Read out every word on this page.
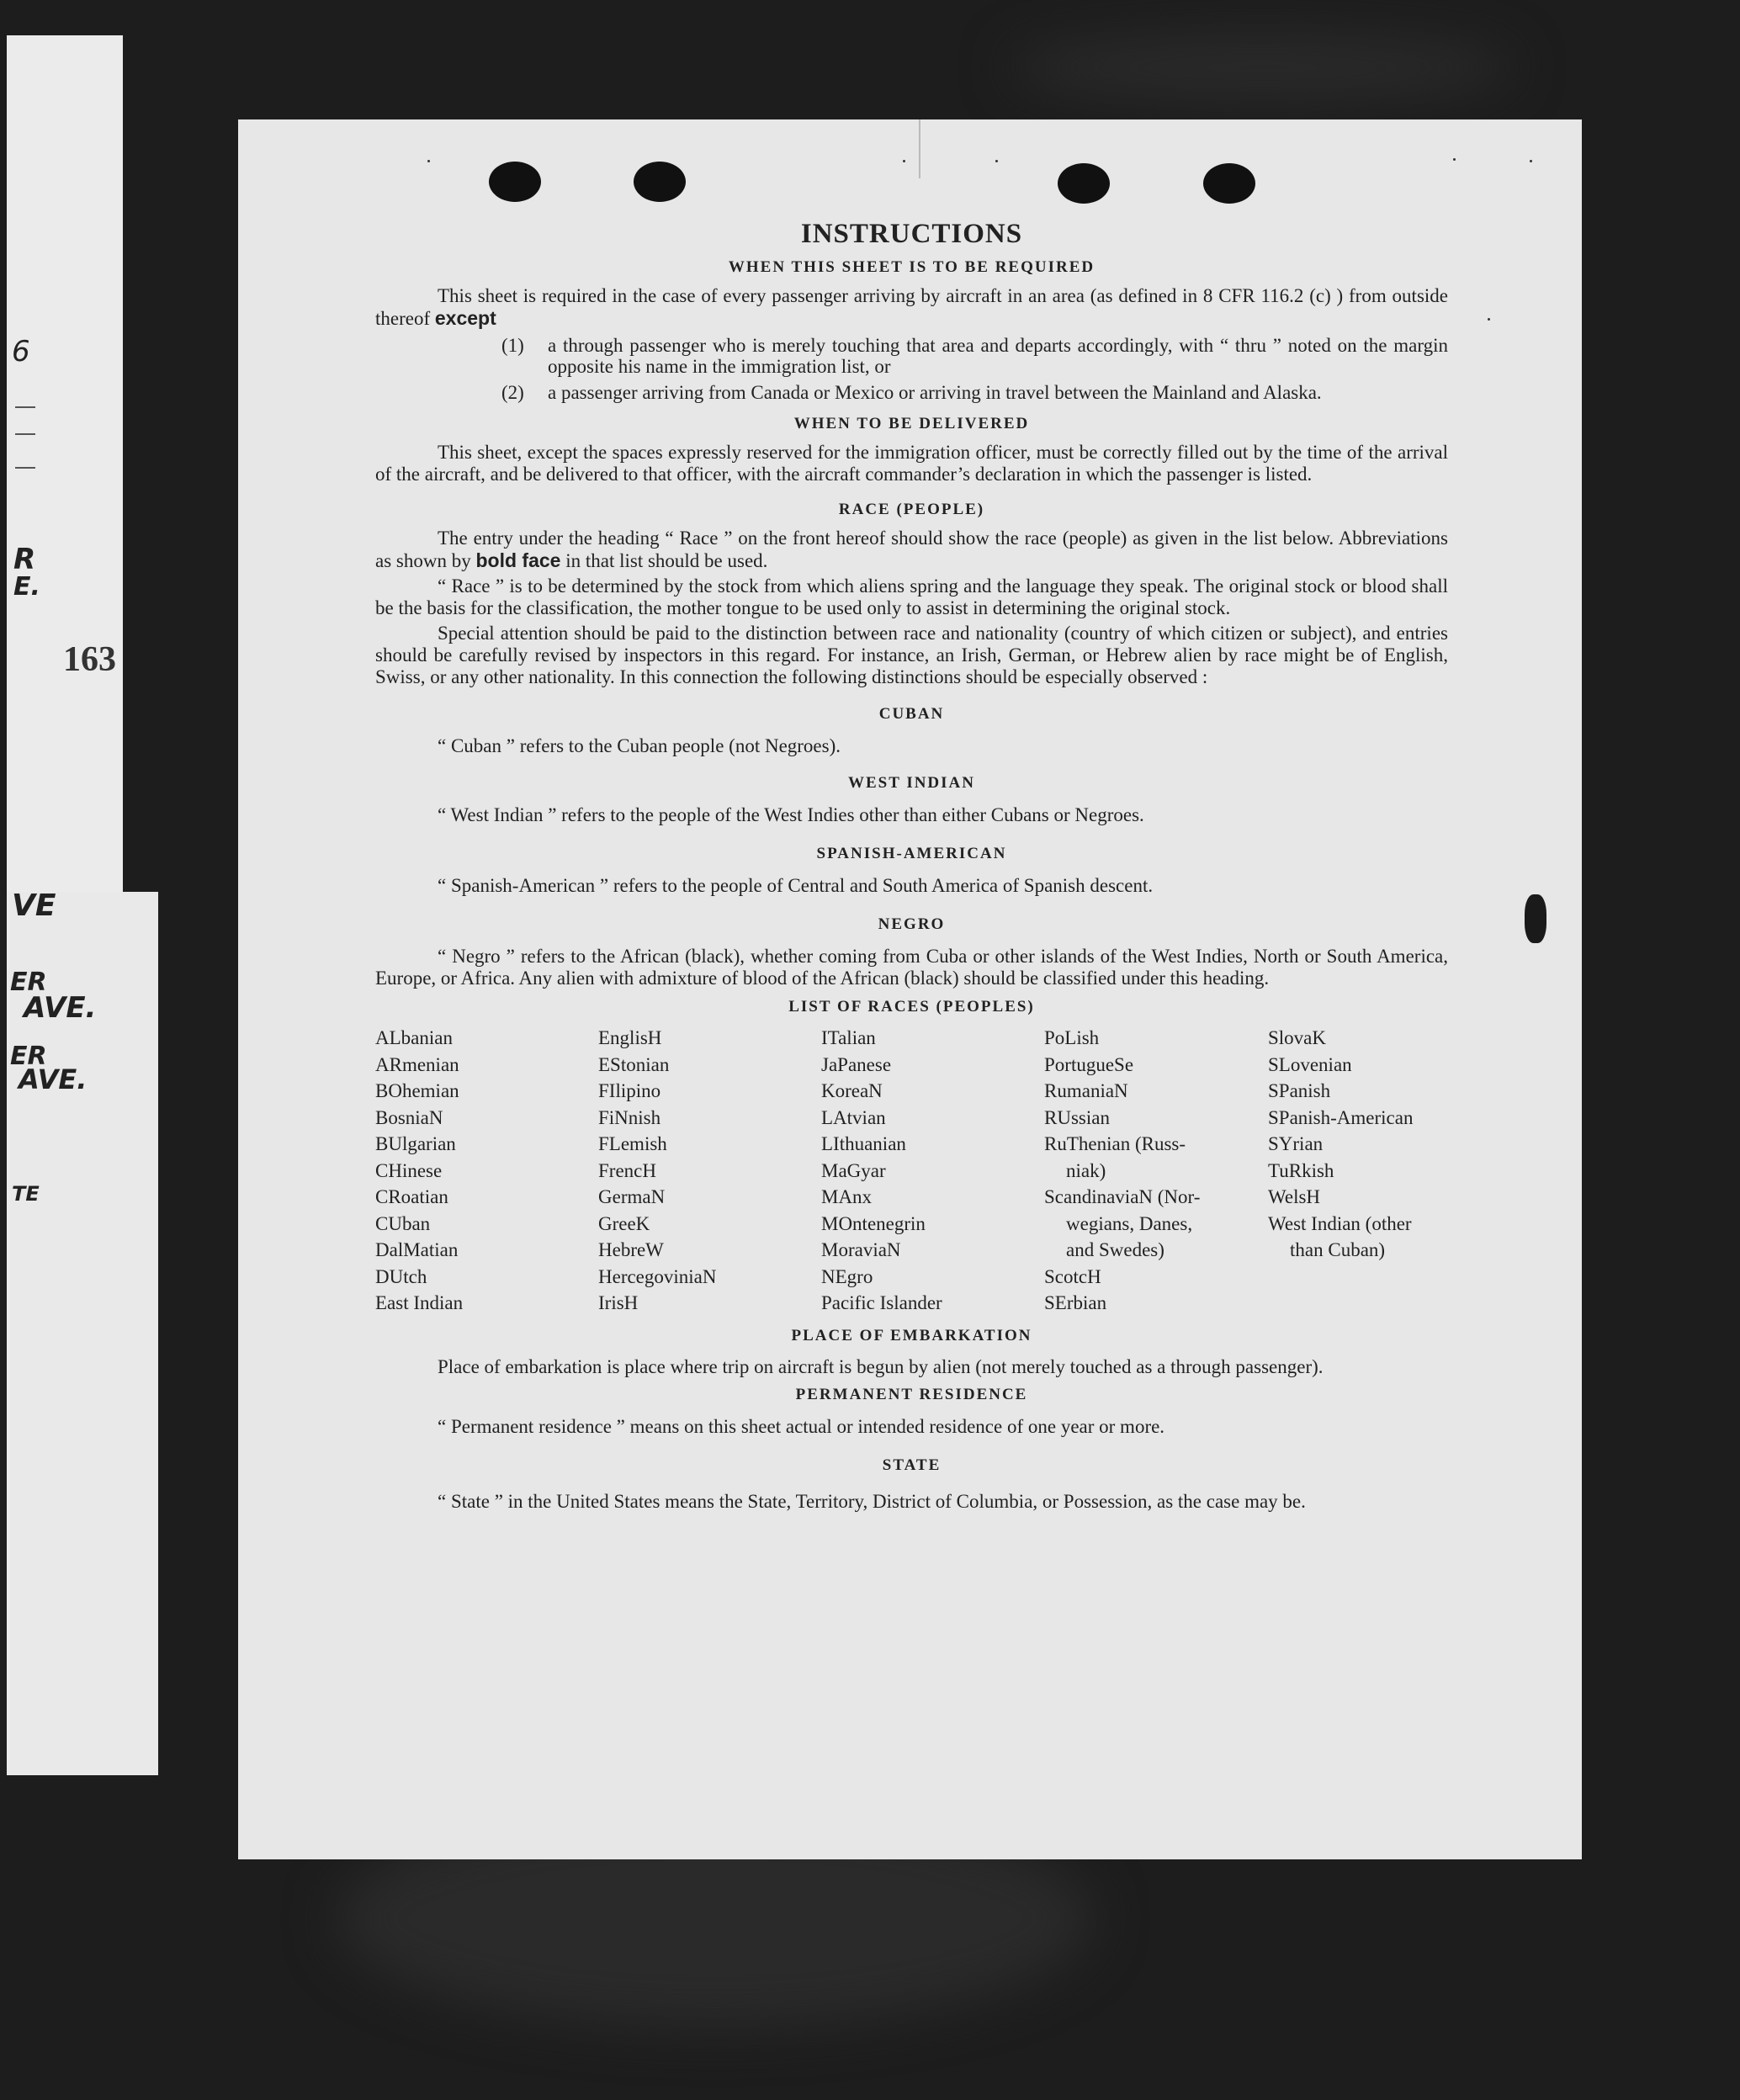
6
R
E.
163
VE
ER
AVE.
ER
AVE.
TE
INSTRUCTIONS
WHEN THIS SHEET IS TO BE REQUIRED

This sheet is required in the case of every passenger arriving by aircraft in an area (as defined in 8 CFR 116.2 (c) ) from outside thereof except

(1) a through passenger who is merely touching that area and departs accordingly, with “ thru ” noted on the margin opposite his name in the immigration list, or
(2) a passenger arriving from Canada or Mexico or arriving in travel between the Mainland and Alaska.
WHEN TO BE DELIVERED

This sheet, except the spaces expressly reserved for the immigration officer, must be correctly filled out by the time of the arrival of the aircraft, and be delivered to that officer, with the aircraft commander’s declaration in which the passenger is listed.

RACE (PEOPLE)

The entry under the heading “ Race ” on the front hereof should show the race (people) as given in the list below. Abbreviations as shown by bold face in that list should be used.

“ Race ” is to be determined by the stock from which aliens spring and the language they speak. The original stock or blood shall be the basis for the classification, the mother tongue to be used only to assist in determining the original stock.

Special attention should be paid to the distinction between race and nationality (country of which citizen or subject), and entries should be carefully revised by inspectors in this regard. For instance, an Irish, German, or Hebrew alien by race might be of English, Swiss, or any other nationality. In this connection the following distinctions should be especially observed :

CUBAN

“ Cuban ” refers to the Cuban people (not Negroes).

WEST INDIAN

“ West Indian ” refers to the people of the West Indies other than either Cubans or Negroes.

SPANISH-AMERICAN

“ Spanish-American ” refers to the people of Central and South America of Spanish descent.

NEGRO

“ Negro ” refers to the African (black), whether coming from Cuba or other islands of the West Indies, North or South America, Europe, or Africa. Any alien with admixture of blood of the African (black) should be classified under this heading.

LIST OF RACES (PEOPLES)
ALbanian	EnglisH	ITalian	PoLish	SlovaK
ARmenian	EStonian	JaPanese	PortugueSe	SLovenian
BOhemian	FIlipino	KoreaN	RumaniaN	SPanish
BosniaN	FiNnish	LAtvian	RUssian	SPanish-American
BUlgarian	FLemish	LIthuanian	RuThenian (Russ-	SYrian
CHinese	FrencH	MaGyar	niak)	TuRkish
CRoatian	GermaN	MAnx	ScandinaviaN (Nor-	WelsH
CUban	GreeK	MOntenegrin	wegians, Danes,	West Indian (other
DalMatian	HebreW	MoraviaN	and Swedes)	than Cuban)
DUtch	HercegoviniaN	NEgro	ScotcH
East Indian	IrisH	Pacific Islander	SErbian
PLACE OF EMBARKATION

Place of embarkation is place where trip on aircraft is begun by alien (not merely touched as a through passenger).

PERMANENT RESIDENCE

“ Permanent residence ” means on this sheet actual or intended residence of one year or more.

STATE

“ State ” in the United States means the State, Territory, District of Columbia, or Possession, as the case may be.
